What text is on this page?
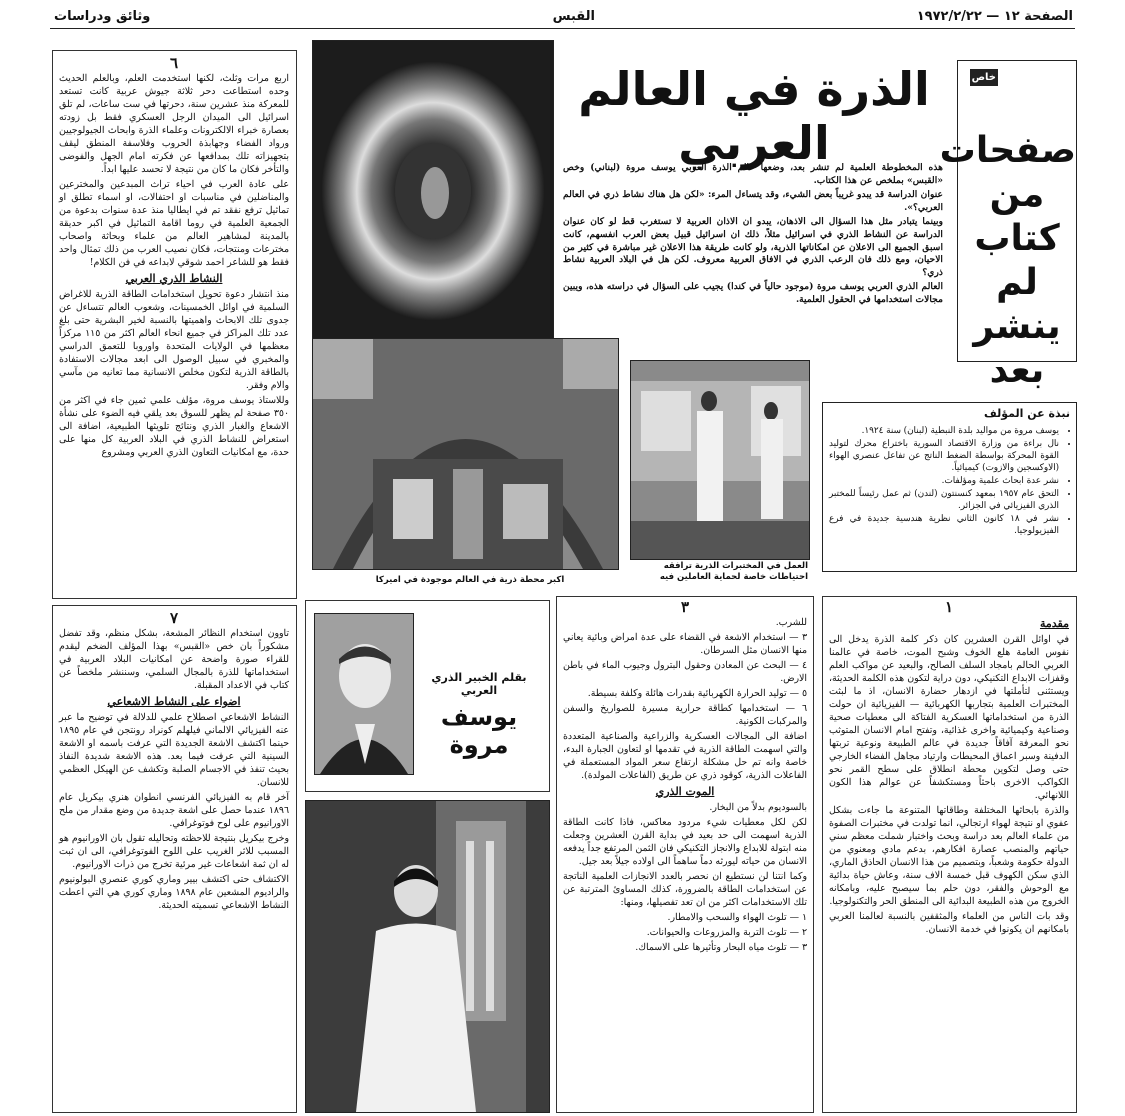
الصفحة ١٢ — ١٩٧٢/٢/٢٢
القبس
وثائق ودراسات
٦

اربع مرات وثلث، لكنها استخدمت العلم، وبالعلم الحديث وحده استطاعت دحر ثلاثة جيوش عربية كانت تستعد للمعركة منذ عشرين سنة، دحرتها في ست ساعات، لم تلق اسرائيل الى الميدان الرجل العسكري فقط بل زودته بعصارة خبراء الالكترونات وعلماء الذرة وابحاث الجيولوجيين ورواد الفضاء وجهابذة الحروب وفلاسفة المنطق ليقف بتجهيزاته تلك بمدافعها عن فكرته امام الجهل والفوضى والتأخر فكان ما كان من نتيجة لا تحسد عليها ابداً.

على عادة العرب في احياء تراث المبدعين والمخترعين والمناضلين في مناسبات او احتفالات، او اسماء تطلق او تماثيل ترفع نفقد تم في ايطاليا منذ عدة سنوات بدعوة من الجمعية العلمية في روما اقامة التماثيل في اكبر حديقة بالمدينة لمشاهير العالم من علماء وبحاثة واصحاب مخترعات ومنتجات، فكان نصيب العرب من ذلك تمثال واحد فقط هو للشاعر احمد شوقي لابداعه في فن الكلام!

النشاط الذري العربي

منذ انتشار دعوة تحويل استخدامات الطاقة الذرية للاغراض السلمية في اوائل الخمسينات، وشعوب العالم تتساءل عن جدوى تلك الابحاث واهميتها بالنسبة لخير البشرية حتى بلغ عدد تلك المراكز في جميع انحاء العالم اكثر من ١١٥ مركزاً معظمها في الولايات المتحدة واوروبا للتعمق الدراسي والمخبري في سبيل الوصول الى ابعد مجالات الاستفادة بالطاقة الذرية لتكون مخلص الانسانية مما تعانيه من مآسي والام وفقر.

وللاستاذ يوسف مروة، مؤلف علمي ثمين جاء في اكثر من ٣٥٠ صفحة لم يظهر للسوق بعد يلقي فيه الضوء على نشأة الاشعاع والغبار الذري ونتائج تلويثها الطبيعية، اضافة الى استعراض للنشاط الذري في البلاد العربية كل منها على حدة، مع امكانيات التعاون الذري العربي ومشروع

الذرة في العالم العربي

هذه المخطوطة العلمية لم تنشر بعد، وضعها عالم الذرة العربي يوسف مروة (لبناني) وخص «القبس» بملخص عن هذا الكتاب.

عنوان الدراسة قد يبدو غريباً بعض الشيء، وقد يتساءل المرء: «لكن هل هناك نشاط ذري في العالم العربي؟».

وبينما يتبادر مثل هذا السؤال الى الاذهان، يبدو ان الاذان العربية لا تستغرب قط لو كان عنوان الدراسة عن النشاط الذري في اسرائيل مثلاً، ذلك ان اسرائيل قبيل بعض العرب انفسهم، كانت اسبق الجميع الى الاعلان عن امكاناتها الذرية، ولو كانت طريقة هذا الاعلان غير مباشرة في كثير من الاحيان، ومع ذلك فان الرعب الذري في الافاق العربية معروف. لكن هل في البلاد العربية نشاط ذري؟

العالم الذري العربي يوسف مروة (موجود حالياً في كندا) يجيب على السؤال في دراسته هذه، ويبين مجالات استخدامها في الحقول العلمية.

خاص
صفحات
من
كتاب
لم ينشر
بعد
اكبر محطة ذرية في العالم موجودة في اميركا
العمل في المختبرات الذرية ترافقه احتياطات خاصة لحماية العاملين فيه
نبذة عن المؤلف
• يوسف مروة من مواليد بلدة النبطية (لبنان) سنة ١٩٢٤.
• نال براءة من وزارة الاقتصاد السورية باختراع محرك لتوليد القوة المحركة بواسطة الضغط الناتج عن تفاعل عنصري الهواء (الاوكسجين والازوت) كيميائياً.
• نشر عدة ابحاث علمية ومؤلفات.
• التحق عام ١٩٥٧ بمعهد كنسنتون (لندن) ثم عمل رئيساً للمختبر الذري الفيزيائي في الجزائر.
• نشر في ١٨ كانون الثاني نظرية هندسية جديدة في فرع الفيزيولوجيا.
٧

تاوون استخدام النظائر المشعة، بشكل منظم، وقد تفضل مشكوراً بان خص «القبس» بهذا المؤلف الضخم ليقدم للقراء صورة واضحة عن امكانيات البلاد العربية في استخداماتها للذرة بالمجال السلمي، وسننشر ملخصاً عن كتاب في الاعداد المقبلة.

اضواء على النشاط الاشعاعي

النشاط الاشعاعي اصطلاح علمي للدلالة في توضيح ما عبر عنه الفيزيائي الالماني فيلهلم كونراد رونتجن في عام ١٨٩٥ حينما اكتشف الاشعة الجديدة التي عرفت باسمه او الاشعة السينية التي عرفت فيما بعد. هذه الاشعة شديدة النفاذ بحيث تنفذ في الاجسام الصلبة وتكشف عن الهيكل العظمي للانسان.

آخر قام به الفيزيائي الفرنسي انطوان هنري بيكريل عام ١٨٩٦ عندما حصل على اشعة جديدة من وضع مقدار من ملح الاورانيوم على لوح فوتوغرافي.

وخرج بيكريل بنتيجة للاحظته وتحاليله تقول بان الاورانيوم هو المسبب للاثر الغريب على اللوح الفوتوغرافي، الى ان ثبت له ان ثمة اشعاعات غير مرئية تخرج من ذرات الاورانيوم.

الاكتشاف حتى اكتشف بيير وماري كوري عنصري البولونيوم والراديوم المشعين عام ١٨٩٨ وماري كوري هي التي اعطت النشاط الاشعاعي تسميته الحديثة.

بقلم الخبير الذري العربي
يوسف مروة
٣

للشرب.

٣ — استخدام الاشعة في القضاء على عدة امراض وبائية يعاني منها الانسان مثل السرطان.

٤ — البحث عن المعادن وحقول البترول وجيوب الماء في باطن الارض.

٥ — توليد الحرارة الكهربائية بقدرات هائلة وكلفة بسيطة.

٦ — استخدامها كطاقة حرارية مسيرة للصواريخ والسفن والمركبات الكونية.

اضافة الى المجالات العسكرية والزراعية والصناعية المتعددة والتي اسهمت الطاقة الذرية في تقدمها او لتعاون الجبارة البدء، خاصة وانه تم حل مشكلة ارتفاع سعر المواد المستعملة في الفاعلات الذرية، كوقود ذري عن طريق (الفاعلات المولدة).

الموت الذري

بالسوديوم بدلاً من البخار.

لكن لكل معطيات شيء مردود معاكس، فاذا كانت الطاقة الذرية اسهمت الى حد بعيد في بداية القرن العشرين وجعلت منه ابتولة للابداع والانجاز التكنيكي فان الثمن المرتفع جداً يدفعه الانسان من حياته ليورثه دماً ساهماً الى اولاده جيلاً بعد جيل.

وكما انتنا لن نستطيع ان نحصر بالعدد الانجازات العلمية الناتجة عن استخدامات الطاقة بالضرورة، كذلك المساوئ المترتبة عن تلك الاستخدامات اكثر من ان تعد تفصيلها، ومنها:

١ — تلوث الهواء والسحب والامطار.

٢ — تلوث التربة والمزروعات والحيوانات.

٣ — تلوث مياه البحار وتأثيرها على الاسماك.

١
مقدمة

في اوائل القرن العشرين كان ذكر كلمة الذرة يدخل الى نفوس العامة هلع الخوف وشبح الموت، خاصة في عالمنا العربي الحالم بامجاد السلف الصالح، والبعيد عن مواكب العلم وقفزات الابداع التكنيكي، دون دراية لتكون هذه الكلمة الحديثة، ويستثنى لتأملتها في ازدهار حضارة الانسان، اذ ما لبثت المختبرات العلمية بتجاربها الكهربائية — الفيزيائية ان حولت الذرة من استخداماتها العسكرية الفتاكة الى معطيات صحية وصناعية وكيميائية واخرى غذائية، وتفتح امام الانسان المتوثب نحو المعرفة آفاقاً جديدة في عالم الطبيعة ونوعية تربتها الدفينة وسبر اعماق المحيطات وارتياد مجاهل الفضاء الخارجي حتى وصل لتكوين محطة انطلاق على سطح القمر نحو الكواكب الاخرى باحثاً ومستكشفاً عن عوالم هذا الكون اللانهائي.

والذرة بابحاثها المختلفة وطاقاتها المتنوعة ما جاءت بشكل عفوي او نتيجة لهواء ارتجالي، انما تولدت في مختبرات الصفوة من علماء العالم بعد دراسة وبحث واختبار شملت معظم سني حياتهم والمنصب عصارة افكارهم، بدعم مادي ومعنوي من الدولة حكومة وشعباً، وبتصميم من هذا الانسان الحاذق الماري، الذي سكن الكهوف قبل خمسة الاف سنة، وعاش حياة بدائية مع الوحوش والفقر، دون حلم بما سيصبح عليه، وبامكانه الخروج من هذه الطبيعة البدائية الى المنطق الحر والتكنولوجيا.

وقد بات الناس من العلماء والمثقفين بالنسبة لعالمنا العربي بامكانهم ان يكونوا في خدمة الانسان.
